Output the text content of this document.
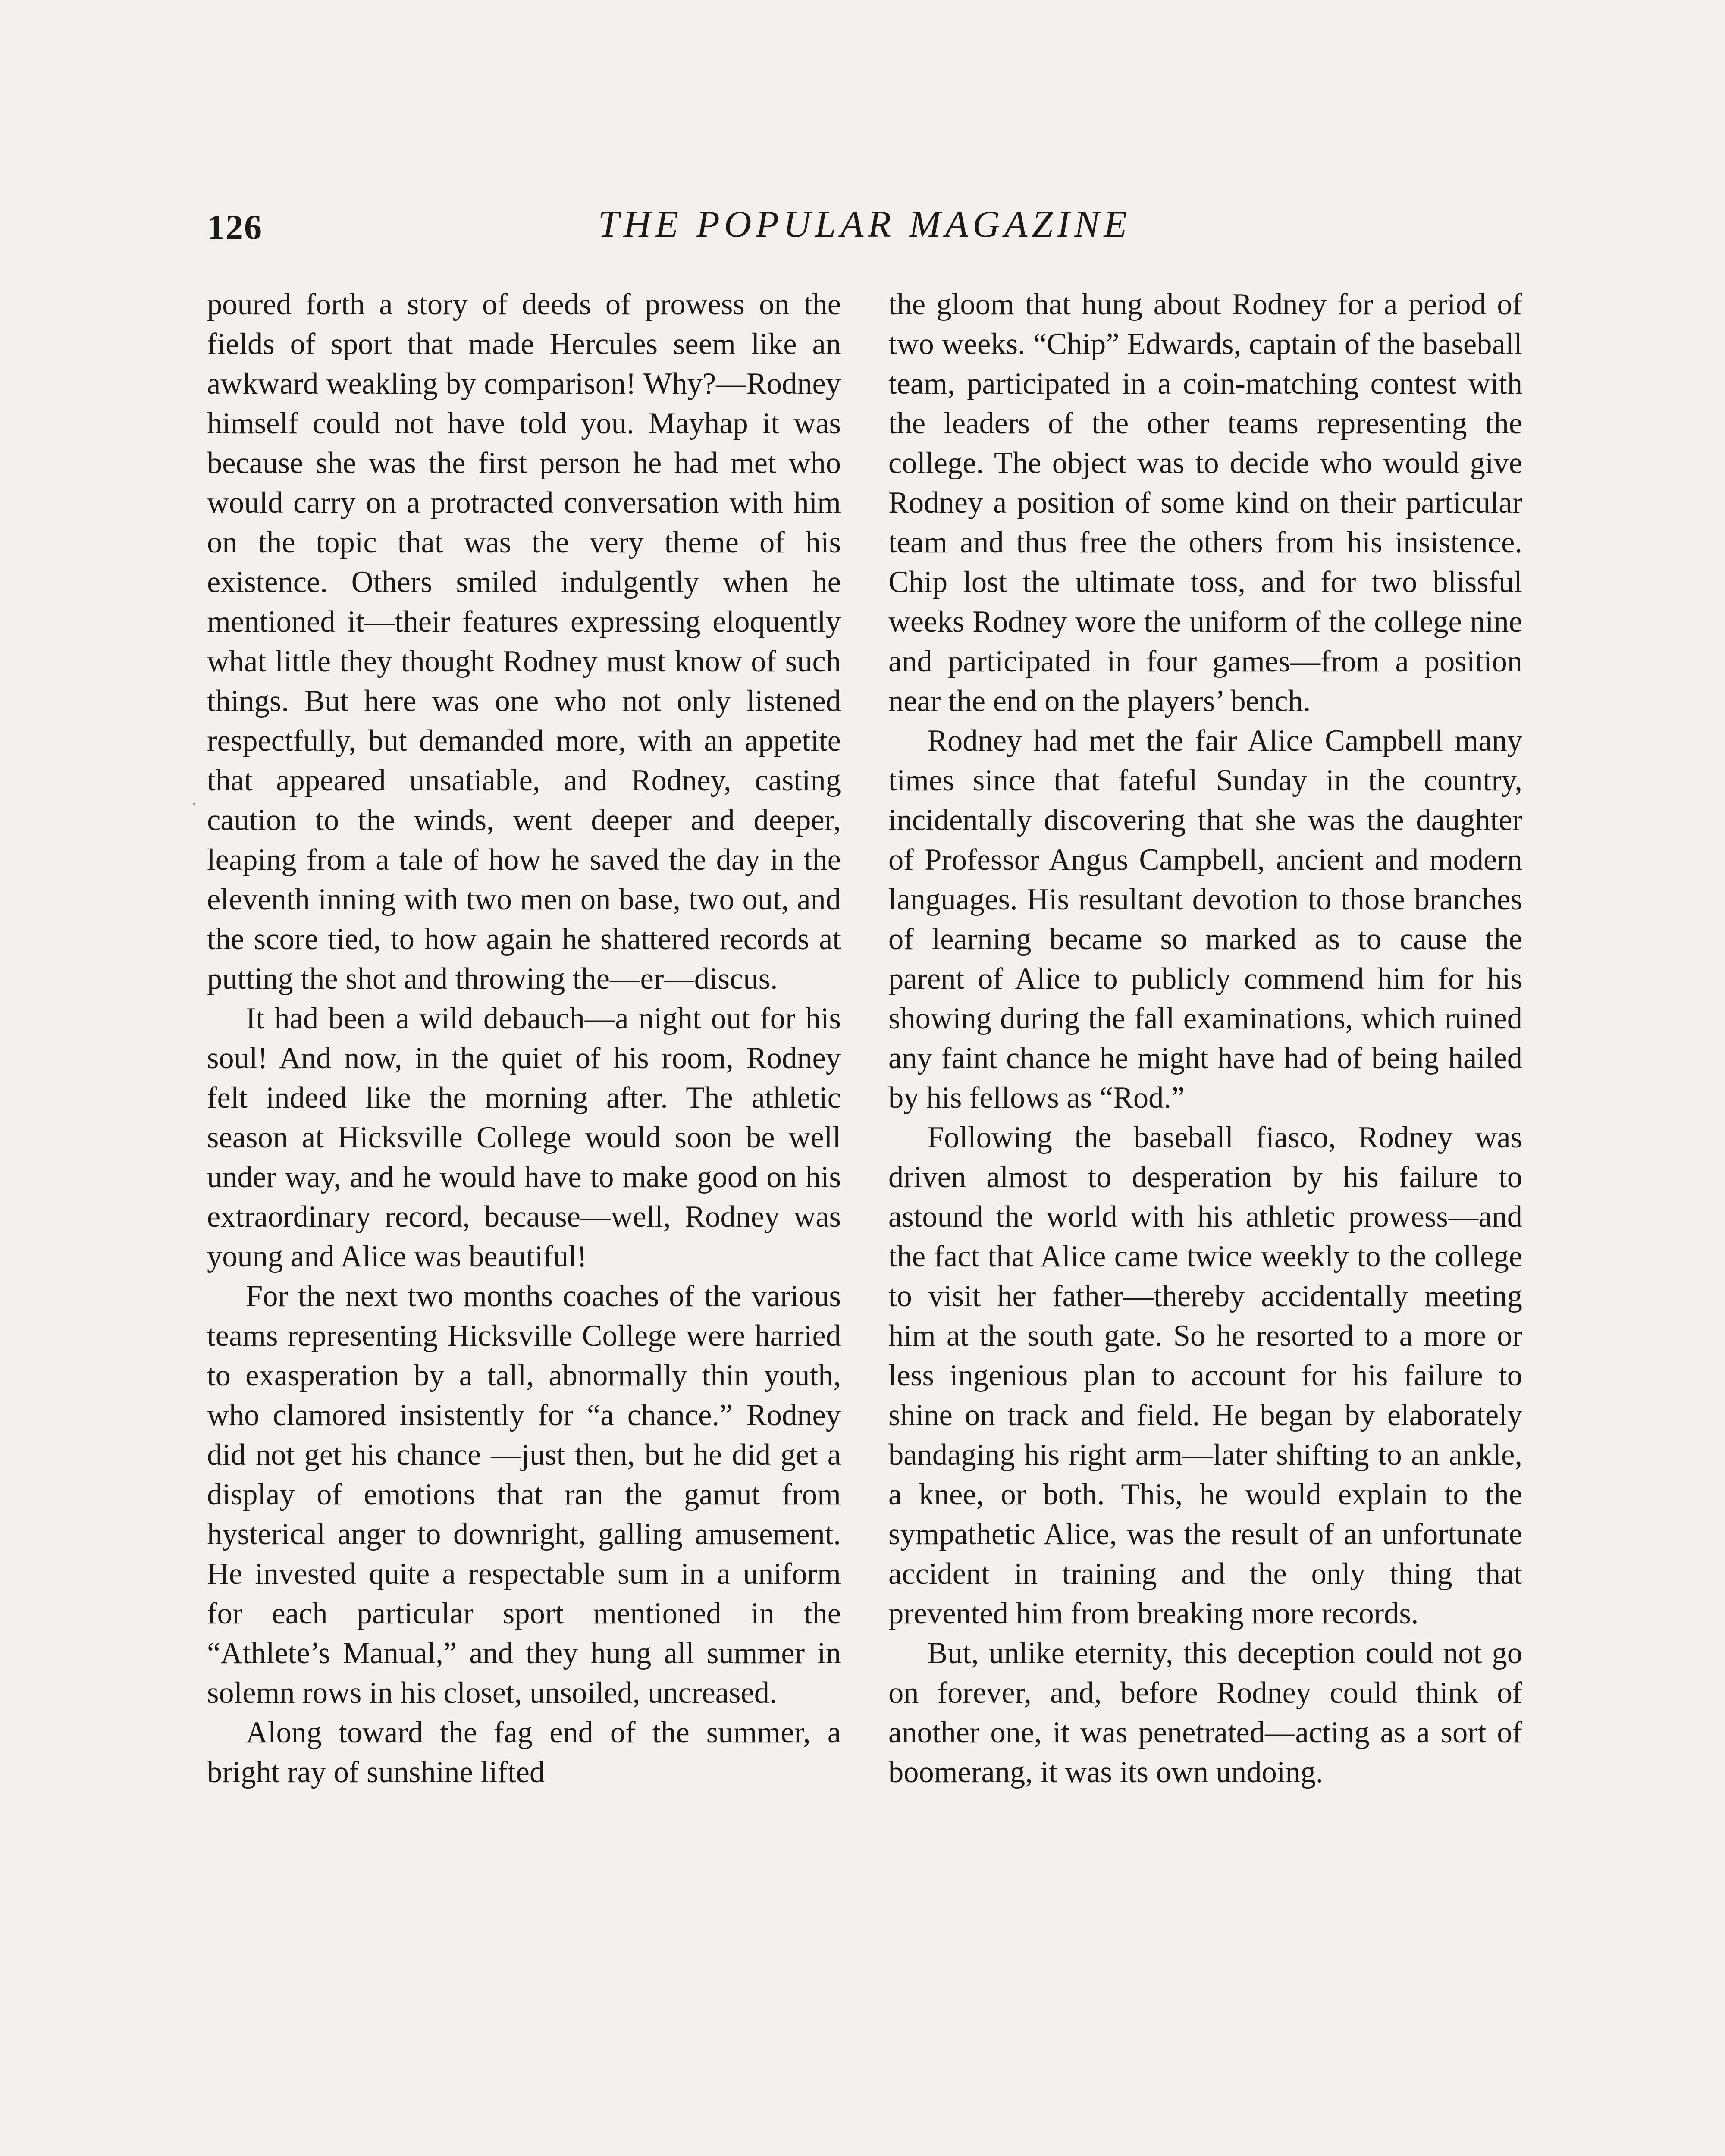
126	THE POPULAR MAGAZINE

poured forth a story of deeds of prowess on the fields of sport that made Hercules seem like an awkward weakling by comparison! Why?—Rodney himself could not have told you. Mayhap it was because she was the first person he had met who would carry on a protracted conversation with him on the topic that was the very theme of his existence. Others smiled indulgently when he mentioned it—their features expressing eloquently what little they thought Rodney must know of such things. But here was one who not only listened respectfully, but demanded more, with an appetite that appeared unsatiable, and Rodney, casting caution to the winds, went deeper and deeper, leaping from a tale of how he saved the day in the eleventh inning with two men on base, two out, and the score tied, to how again he shattered records at putting the shot and throwing the—er—discus.

It had been a wild debauch—a night out for his soul! And now, in the quiet of his room, Rodney felt indeed like the morning after. The athletic season at Hicksville College would soon be well under way, and he would have to make good on his extraordinary record, because—well, Rodney was young and Alice was beautiful!

For the next two months coaches of the various teams representing Hicksville College were harried to exasperation by a tall, abnormally thin youth, who clamored insistently for “a chance.” Rodney did not get his chance —just then, but he did get a display of emotions that ran the gamut from hysterical anger to downright, galling amusement. He invested quite a respectable sum in a uniform for each particular sport mentioned in the “Athlete’s Manual,” and they hung all summer in solemn rows in his closet, unsoiled, uncreased.

Along toward the fag end of the summer, a bright ray of sunshine lifted

the gloom that hung about Rodney for a period of two weeks. “Chip” Edwards, captain of the baseball team, participated in a coin-matching contest with the leaders of the other teams representing the college. The object was to decide who would give Rodney a position of some kind on their particular team and thus free the others from his insistence. Chip lost the ultimate toss, and for two blissful weeks Rodney wore the uniform of the college nine and participated in four games—from a position near the end on the players’ bench.

Rodney had met the fair Alice Campbell many times since that fateful Sunday in the country, incidentally discovering that she was the daughter of Professor Angus Campbell, ancient and modern languages. His resultant devotion to those branches of learning became so marked as to cause the parent of Alice to publicly commend him for his showing during the fall examinations, which ruined any faint chance he might have had of being hailed by his fellows as “Rod.”

Following the baseball fiasco, Rodney was driven almost to desperation by his failure to astound the world with his athletic prowess—and the fact that Alice came twice weekly to the college to visit her father—thereby accidentally meeting him at the south gate. So he resorted to a more or less ingenious plan to account for his failure to shine on track and field. He began by elaborately bandaging his right arm—later shifting to an ankle, a knee, or both. This, he would explain to the sympathetic Alice, was the result of an unfortunate accident in training and the only thing that prevented him from breaking more records.

But, unlike eternity, this deception could not go on forever, and, before Rodney could think of another one, it was penetrated—acting as a sort of boomerang, it was its own undoing.
